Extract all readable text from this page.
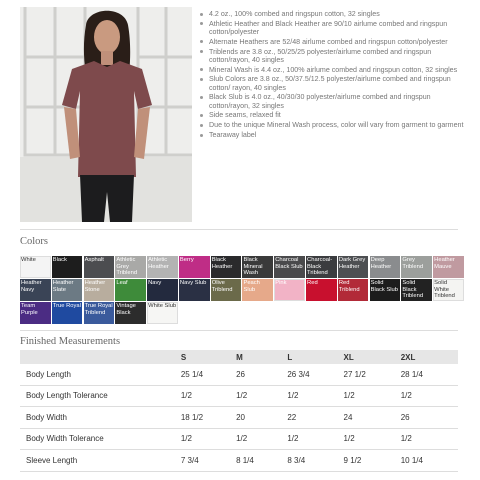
4.2 oz., 100% combed and ringspun cotton, 32 singles
Athletic Heather and Black Heather are 90/10 airlume combed and ringspun cotton/polyester
Alternate Heathers are 52/48 airlume combed and ringspun cotton/polyester
Triblends are 3.8 oz., 50/25/25 polyester/airlume combed and ringspun cotton/rayon, 40 singles
Mineral Wash is 4.4 oz., 100% airlume combed and ringspun cotton, 32 singles
Slub Colors are 3.8 oz., 50/37.5/12.5 polyester/airlume combed and ringspun cotton/ rayon, 40 singles
Black Slub is 4.0 oz., 40/30/30 polyester/airlume combed and ringspun cotton/rayon, 32 singles
Side seams, relaxed fit
Due to the unique Mineral Wash process, color will vary from garment to garment
Tearaway label
Colors
White	Black	Asphalt	Athletic Grey Triblend
Athletic Heather
Berry	Black Heather
Black Mineral Wash
Charcoal Black Slub
Charcoal-Black Triblend
Dark Grey Heather
Deep Heather
Grey Triblend
Heather Mauve
Heather Navy
Heather Slate
Heather Stone
Leaf	Navy	Navy Slub Olive Triblend
Peach Slub
Pink	Red	Red Triblend
Solid Black Slub
Solid Black Triblend
Solid White Triblend
Team Purple
True Royal True Royal Triblend
Vintage Black
White Slub
Finished Measurements
	S	M	L	XL	2XL
Body Length	25 1/4	26	26 3/4	27 1/2	28 1/4
Body Length Tolerance	1/2	1/2	1/2	1/2	1/2
Body Width	18 1/2	20	22	24	26
Body Width Tolerance	1/2	1/2	1/2	1/2	1/2
Sleeve Length	7 3/4	8 1/4	8 3/4	9 1/2	10 1/4
